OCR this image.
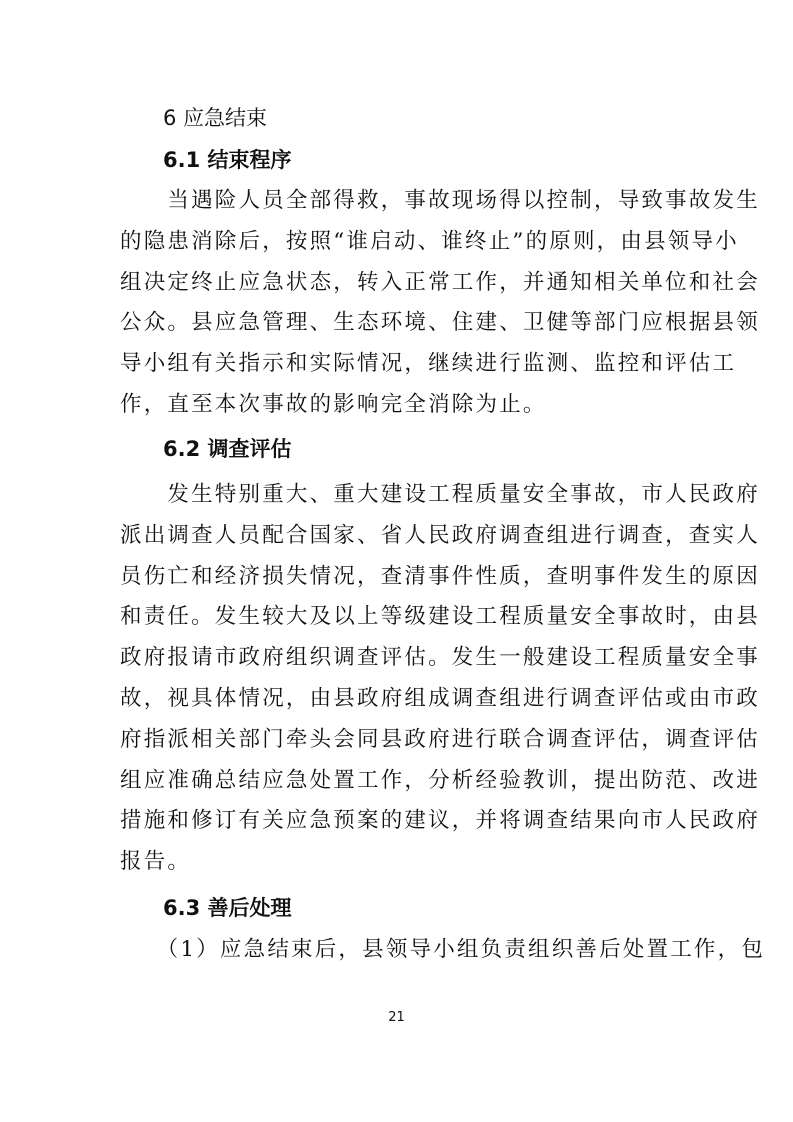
6 应急结束
6.1 结束程序

　　当遇险人员全部得救，事故现场得以控制，导致事故发生
的隐患消除后，按照“谁启动、谁终止”的原则，由县领导小
组决定终止应急状态，转入正常工作，并通知相关单位和社会
公众。县应急管理、生态环境、住建、卫健等部门应根据县领
导小组有关指示和实际情况，继续进行监测、监控和评估工
作，直至本次事故的影响完全消除为止。

6.2 调查评估

　　发生特别重大、重大建设工程质量安全事故，市人民政府
派出调查人员配合国家、省人民政府调查组进行调查，查实人
员伤亡和经济损失情况，查清事件性质，查明事件发生的原因
和责任。发生较大及以上等级建设工程质量安全事故时，由县
政府报请市政府组织调查评估。发生一般建设工程质量安全事
故，视具体情况，由县政府组成调查组进行调查评估或由市政
府指派相关部门牵头会同县政府进行联合调查评估，调查评估
组应准确总结应急处置工作，分析经验教训，提出防范、改进
措施和修订有关应急预案的建议，并将调查结果向市人民政府
报告。

6.3 善后处理

　　（1）应急结束后，县领导小组负责组织善后处置工作，包

21
